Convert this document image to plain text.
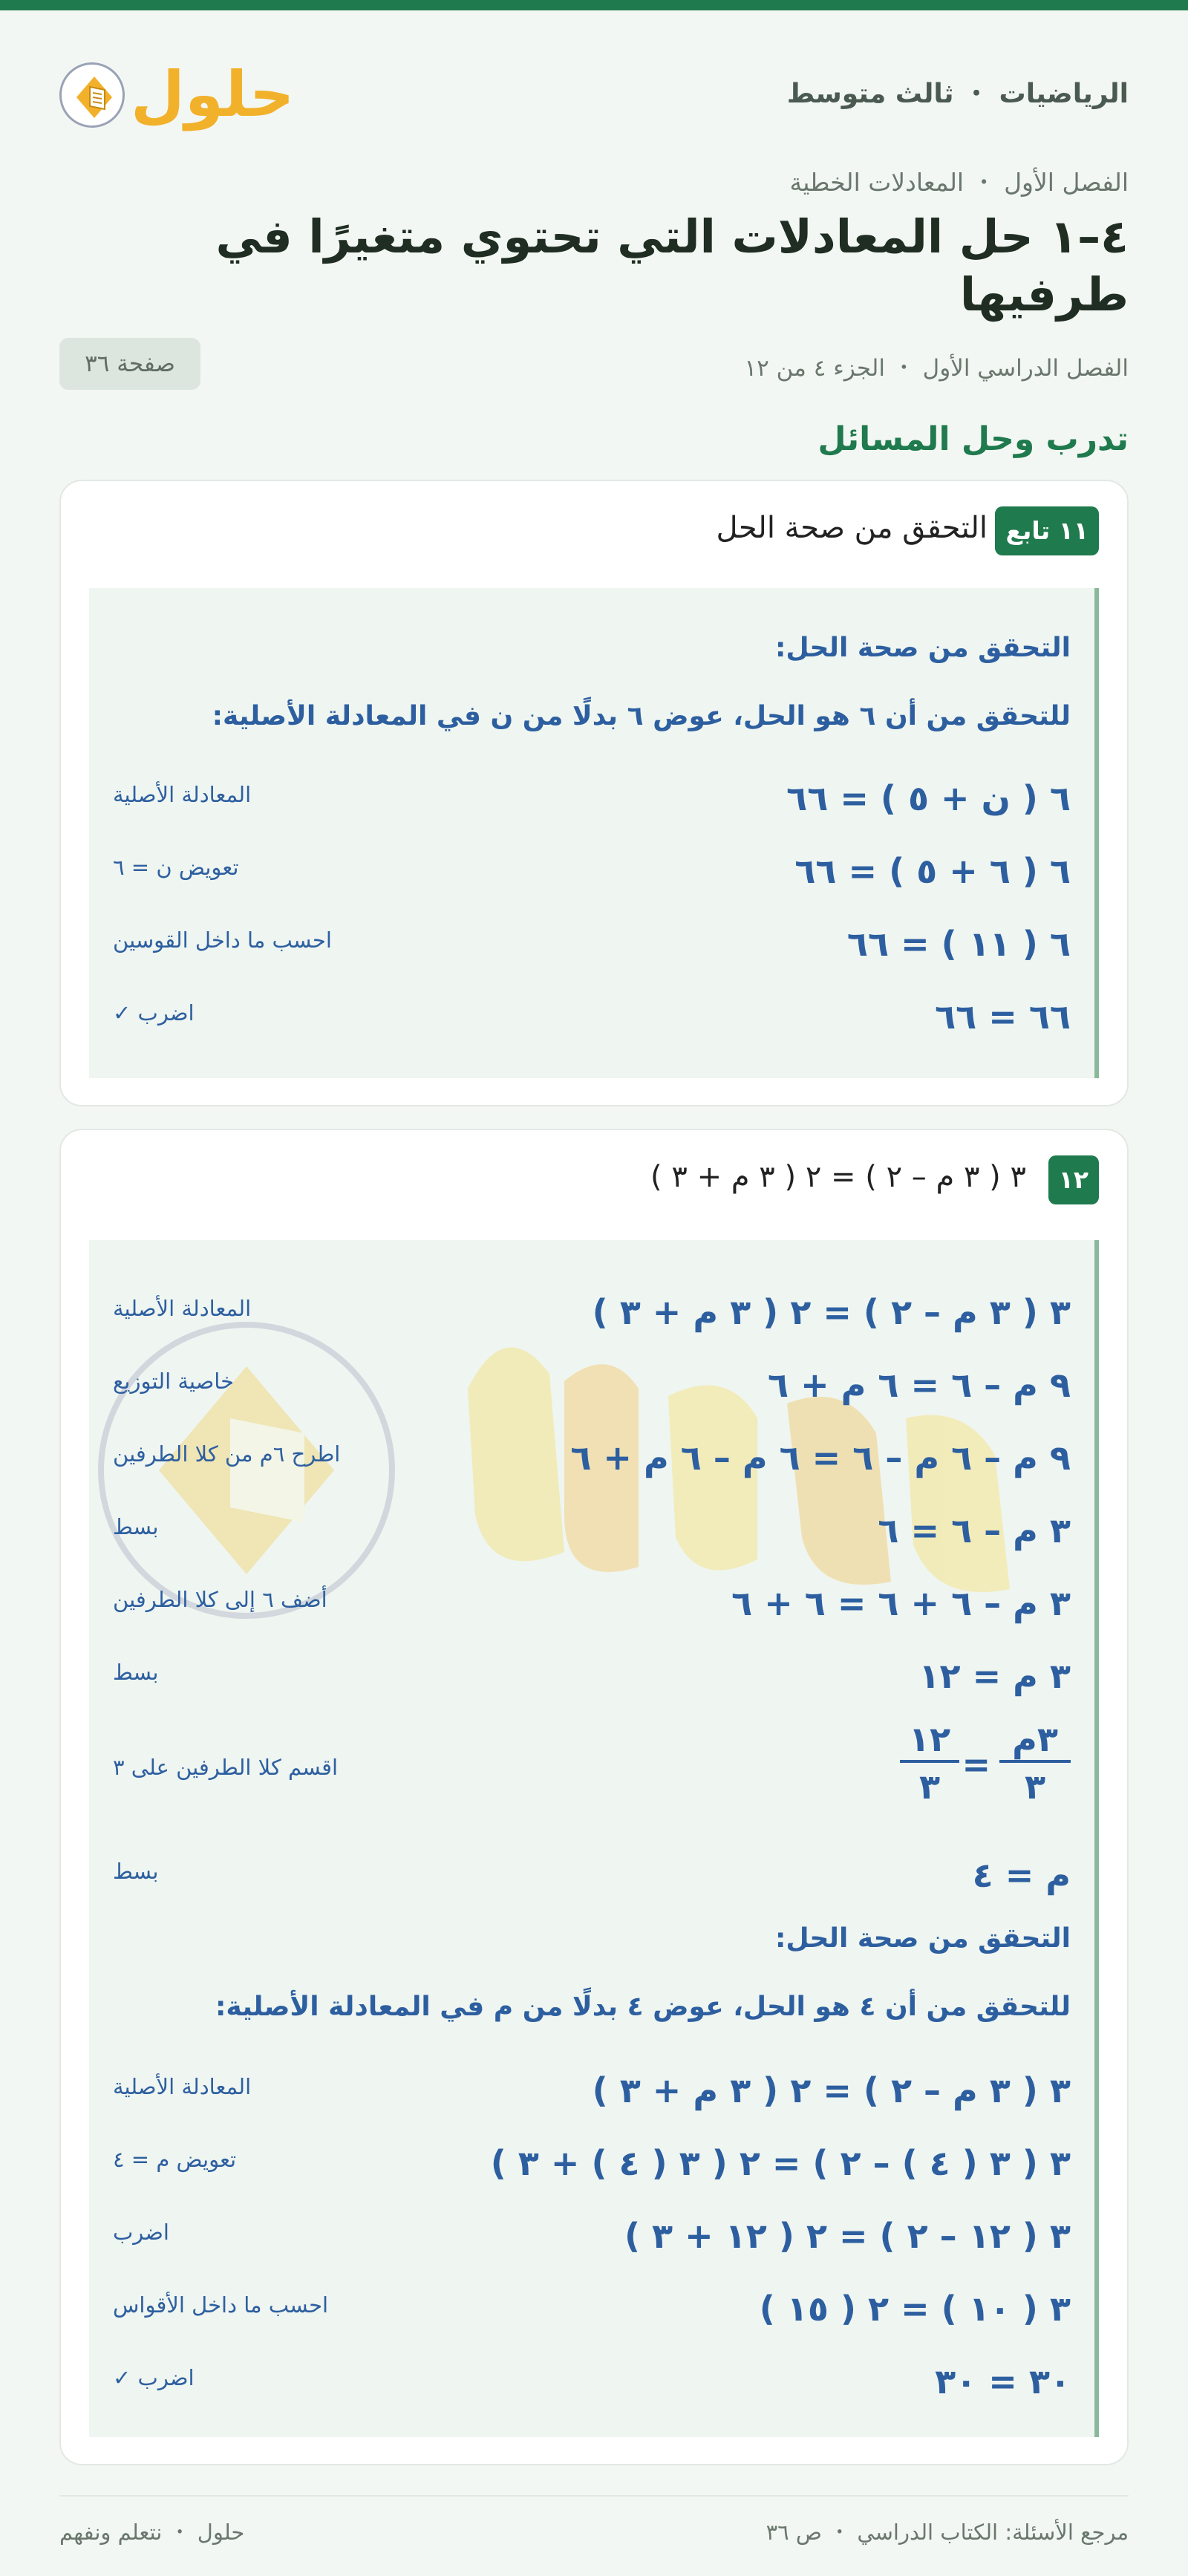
الرياضيات ・ ثالث متوسط
حلول
الفصل الأول ・ المعادلات الخطية
٤–١ حل المعادلات التي تحتوي متغيرًا في طرفيها
الفصل الدراسي الأول ・ الجزء ٤ من ١٢
صفحة ٣٦
تدرب وحل المسائل
١١ تابع
التحقق من صحة الحل
التحقق من صحة الحل:
للتحقق من أن ٦ هو الحل، عوض ٦ بدلًا من ن في المعادلة الأصلية:
٦ ( ن + ٥ ) = ٦٦
المعادلة الأصلية
٦ ( ٦ + ٥ ) = ٦٦
تعويض ن = ٦
٦ ( ١١ ) = ٦٦
احسب ما داخل القوسين
٦٦ = ٦٦
اضرب ✓
١٢
٣ ( ٣ م – ٢ ) = ٢ ( ٣ م + ٣ )
٣ ( ٣ م – ٢ ) = ٢ ( ٣ م + ٣ )
المعادلة الأصلية
٩ م – ٦ = ٦ م + ٦
خاصية التوزيع
٩ م – ٦ م – ٦ = ٦ م – ٦ م + ٦
اطرح ٦م من كلا الطرفين
٣ م – ٦ = ٦
بسط
٣ م – ٦ + ٦ = ٦ + ٦
أضف ٦ إلى كلا الطرفين
٣ م = ١٢
بسط
٣م
٣
=
١٢
٣
اقسم كلا الطرفين على ٣
م = ٤
بسط
التحقق من صحة الحل:
للتحقق من أن ٤ هو الحل، عوض ٤ بدلًا من م في المعادلة الأصلية:
٣ ( ٣ م – ٢ ) = ٢ ( ٣ م + ٣ )
المعادلة الأصلية
٣ ( ٣ ( ٤ ) – ٢ ) = ٢ ( ٣ ( ٤ ) + ٣ )
تعويض م = ٤
٣ ( ١٢ – ٢ ) = ٢ ( ١٢ + ٣ )
اضرب
٣ ( ١٠ ) = ٢ ( ١٥ )
احسب ما داخل الأقواس
٣٠ = ٣٠
اضرب ✓
مرجع الأسئلة: الكتاب الدراسي ・ ص ٣٦
حلول ・ نتعلم ونفهم
